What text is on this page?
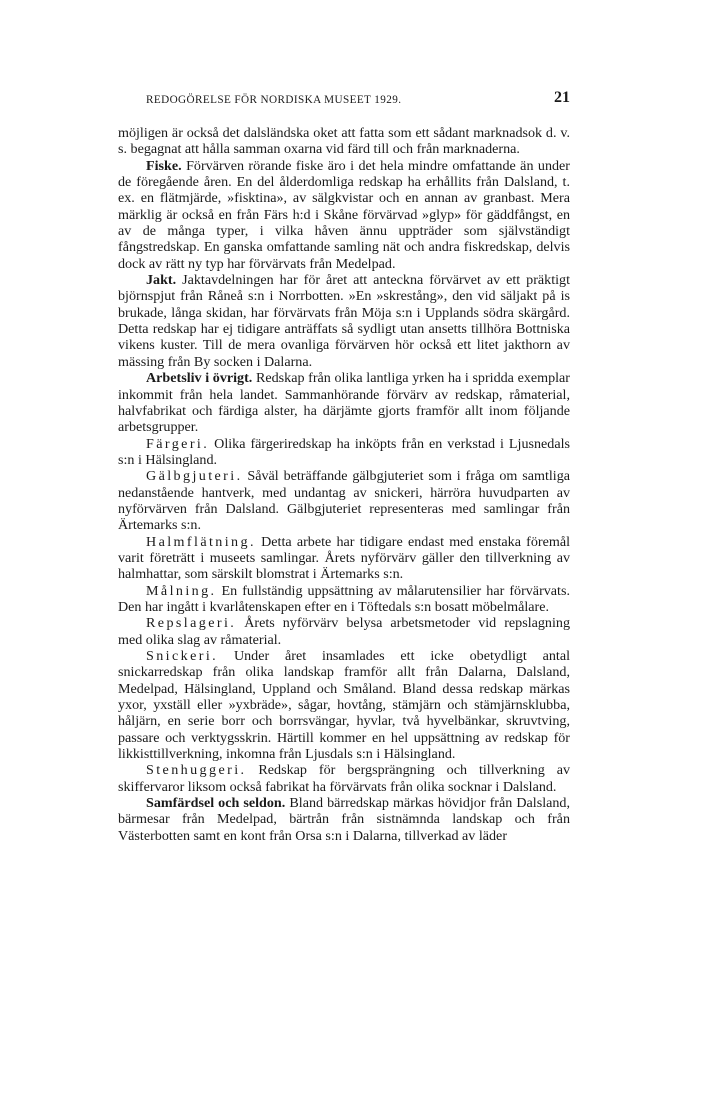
REDOGÖRELSE FÖR NORDISKA MUSEET 1929.	21

möjligen är också det dalsländska oket att fatta som ett sådant marknadsok d. v. s. begagnat att hålla samman oxarna vid färd till och från marknaderna.

Fiske. Förvärven rörande fiske äro i det hela mindre omfattande än under de föregående åren. En del ålderdomliga redskap ha erhållits från Dalsland, t. ex. en flätmjärde, »fisktina», av sälgkvistar och en annan av granbast. Mera märklig är också en från Färs h:d i Skåne förvärvad »glyp» för gäddfångst, en av de många typer, i vilka håven ännu uppträder som självständigt fångstredskap. En ganska omfattande samling nät och andra fiskredskap, delvis dock av rätt ny typ har förvärvats från Medelpad.

Jakt. Jaktavdelningen har för året att anteckna förvärvet av ett präktigt björnspjut från Råneå s:n i Norrbotten. »En »skrestång», den vid säljakt på is brukade, långa skidan, har förvärvats från Möja s:n i Upplands södra skärgård. Detta redskap har ej tidigare anträffats så sydligt utan ansetts tillhöra Bottniska vikens kuster. Till de mera ovanliga förvärven hör också ett litet jakthorn av mässing från By socken i Dalarna.

Arbetsliv i övrigt. Redskap från olika lantliga yrken ha i spridda exemplar inkommit från hela landet. Sammanhörande förvärv av redskap, råmaterial, halvfabrikat och färdiga alster, ha därjämte gjorts framför allt inom följande arbetsgrupper.

Färgeri. Olika färgeriredskap ha inköpts från en verkstad i Ljusnedals s:n i Hälsingland.

Gälbgjuteri. Såväl beträffande gälbgjuteriet som i fråga om samtliga nedanstående hantverk, med undantag av snickeri, härröra huvudparten av nyförvärven från Dalsland. Gälbgjuteriet representeras med samlingar från Ärtemarks s:n.

Halmflätning. Detta arbete har tidigare endast med enstaka föremål varit företrätt i museets samlingar. Årets nyförvärv gäller den tillverkning av halmhattar, som särskilt blomstrat i Ärtemarks s:n.

Målning. En fullständig uppsättning av målarutensilier har förvärvats. Den har ingått i kvarlåtenskapen efter en i Töftedals s:n bosatt möbelmålare.

Repslageri. Årets nyförvärv belysa arbetsmetoder vid repslagning med olika slag av råmaterial.

Snickeri. Under året insamlades ett icke obetydligt antal snickarredskap från olika landskap framför allt från Dalarna, Dalsland, Medelpad, Hälsingland, Uppland och Småland. Bland dessa redskap märkas yxor, yxställ eller »yxbräde», sågar, hovtång, stämjärn och stämjärnsklubba, håljärn, en serie borr och borrsvängar, hyvlar, två hyvelbänkar, skruvtving, passare och verktygsskrin. Härtill kommer en hel uppsättning av redskap för likkisttillverkning, inkomna från Ljusdals s:n i Hälsingland.

Stenhuggeri. Redskap för bergsprängning och tillverkning av skiffervaror liksom också fabrikat ha förvärvats från olika socknar i Dalsland.

Samfärdsel och seldon. Bland bärredskap märkas hövidjor från Dalsland, bärmesar från Medelpad, bärtrån från sistnämnda landskap och från Västerbotten samt en kont från Orsa s:n i Dalarna, tillverkad av läder
